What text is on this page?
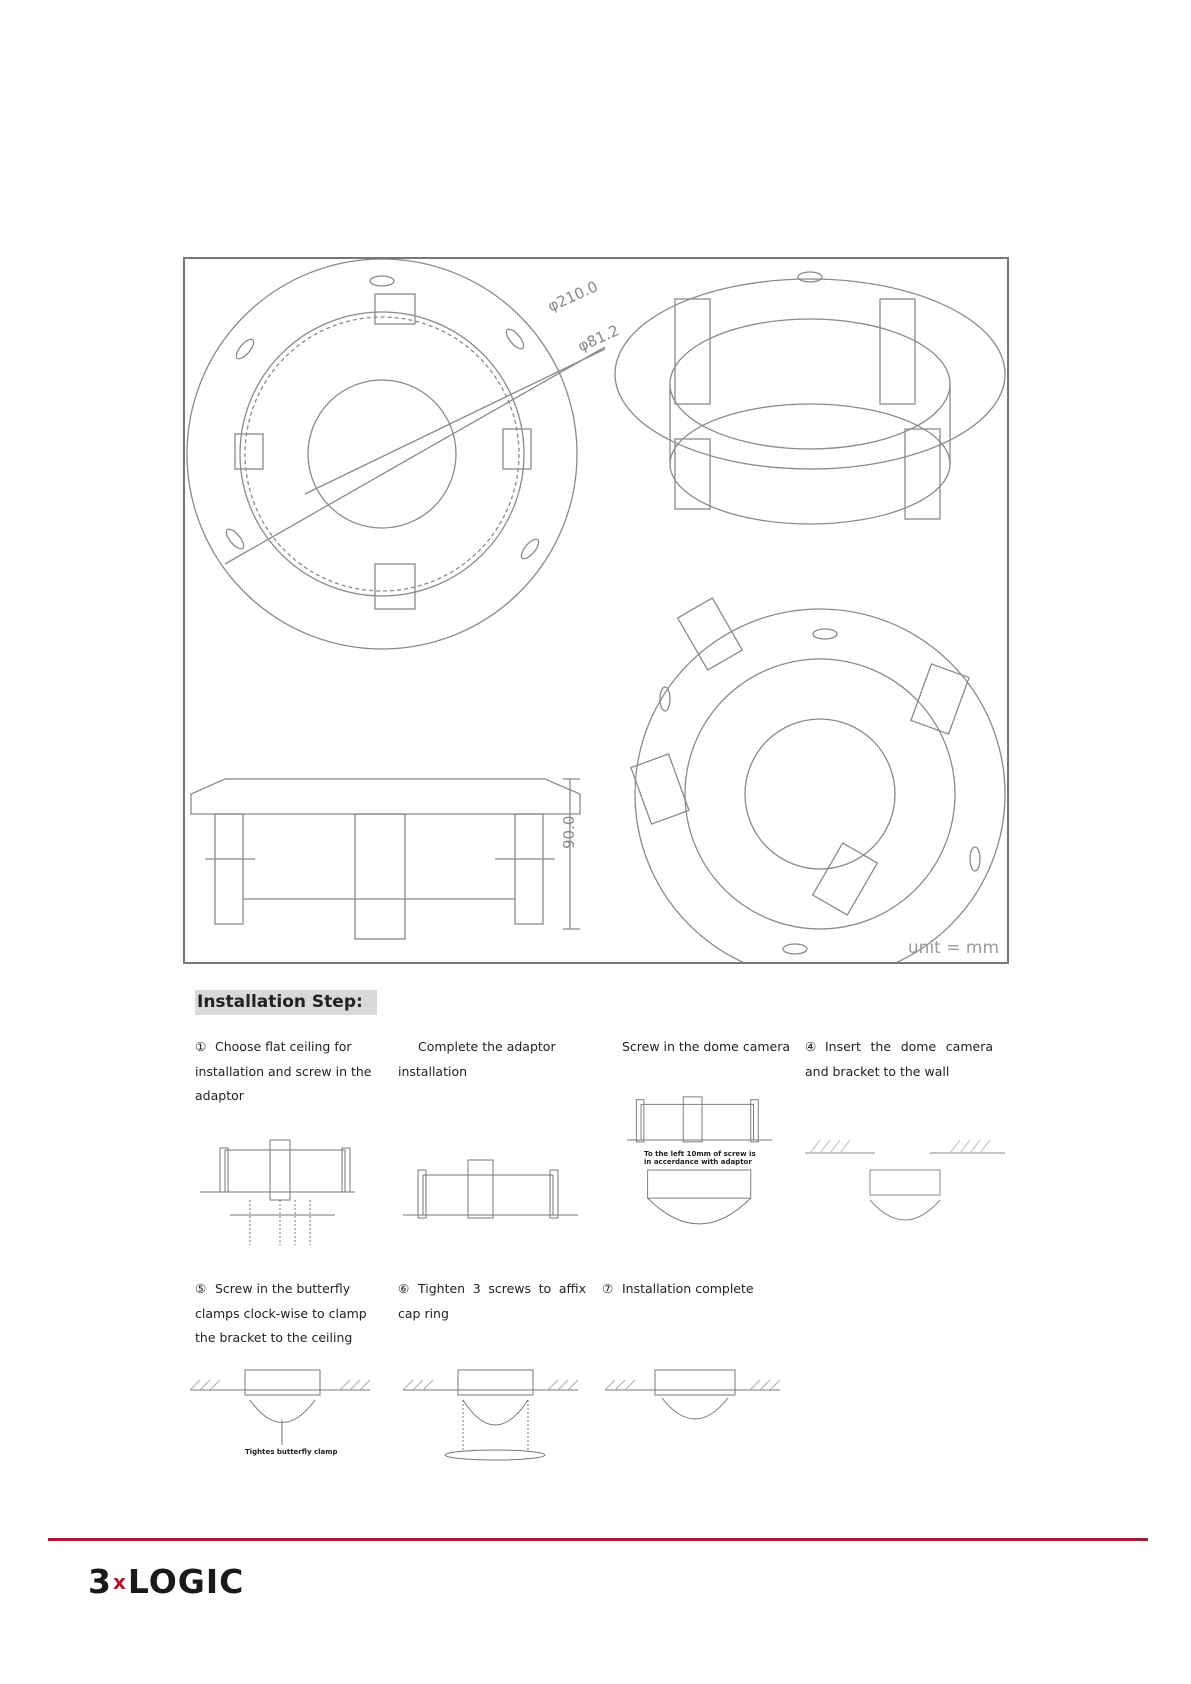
φ210.0
φ81.2
90.0
unit = mm
Installation Step:
① Choose flat ceiling for installation and screw in the adaptor
Complete the adaptor installation
Screw in the dome camera ④ Insert the dome camera and bracket to the wall
To the left 10mm of screw is in accerdance with adaptor
⑤ Screw in the butterfly clamps clock-wise to clamp the bracket to the ceiling
⑥ Tighten 3 screws to affix cap ring
⑦ Installation complete
Tightes butterfly clamp
3xLOGIC
